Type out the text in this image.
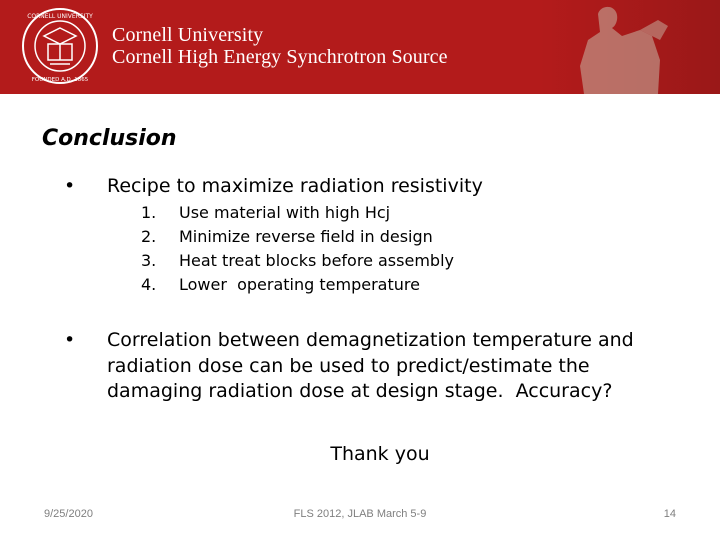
CORNELL UNIVERSITY
FOUNDED A.D. 1865
Cornell University
Cornell High Energy Synchrotron Source
Conclusion
• Recipe to maximize radiation resistivity
1.	Use material with high Hcj
2.	Minimize reverse field in design
3.	Heat treat blocks before assembly
4.	Lower  operating temperature
• Correlation between demagnetization temperature and radiation dose can be used to predict/estimate the damaging radiation dose at design stage.  Accuracy?
Thank you
9/25/2020	FLS 2012, JLAB March 5-9	14
